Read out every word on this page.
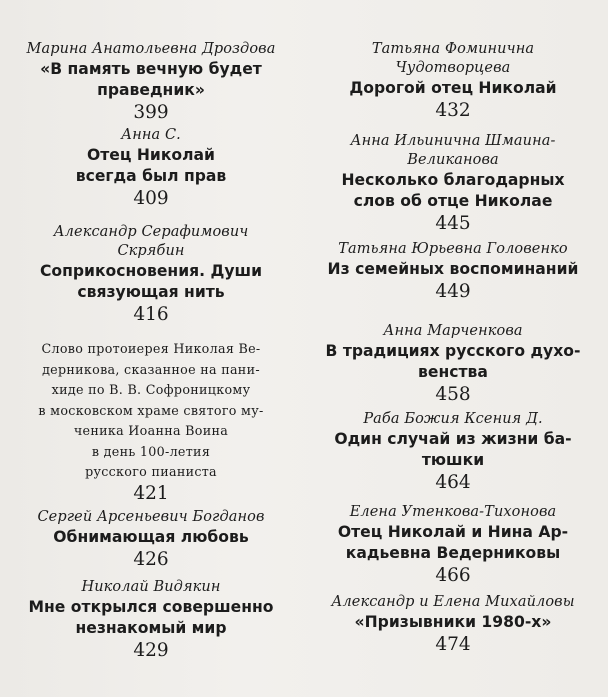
Марина Анатольевна Дроздова
«В память вечную будет
праведник»
399
Анна С.
Отец Николай
всегда был прав
409
Александр Серафимович
Скрябин
Соприкосновения. Души
связующая нить
416
Слово протоиерея Николая Ве-
дерникова, сказанное на пани-
хиде по В. В. Софроницкому
в московском храме святого му-
ченика Иоанна Воина
в день 100-летия
русского пианиста
421
Сергей Арсеньевич Богданов
Обнимающая любовь
426
Николай Видякин
Мне открылся совершенно
незнакомый мир
429
Татьяна Фоминична
Чудотворцева
Дорогой отец Николай
432
Анна Ильинична Шмаина-
Великанова
Несколько благодарных
слов об отце Николае
445
Татьяна Юрьевна Головенко
Из семейных воспоминаний
449
Анна Марченкова
В традициях русского духо-
венства
458
Раба Божия Ксения Д.
Один случай из жизни ба-
тюшки
464
Елена Утенкова-Тихонова
Отец Николай и Нина Ар-
кадьевна Ведерниковы
466
Александр и Елена Михайловы
«Призывники 1980-х»
474
